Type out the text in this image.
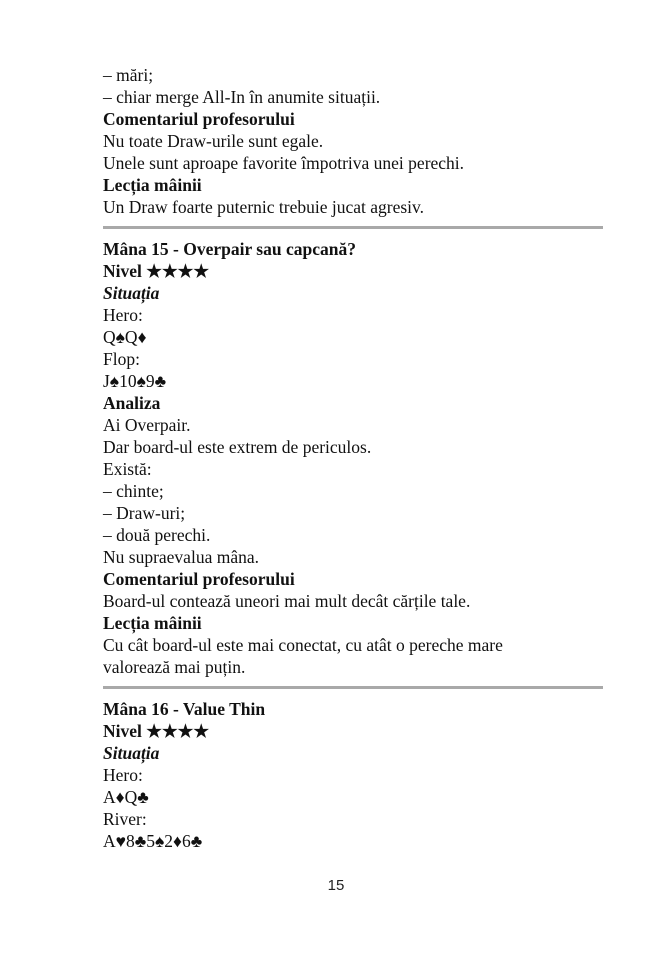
– mări;
– chiar merge All-In în anumite situații.
Comentariul profesorului
Nu toate Draw-urile sunt egale.
Unele sunt aproape favorite împotriva unei perechi.
Lecția mâinii
Un Draw foarte puternic trebuie jucat agresiv.
Mâna 15 - Overpair sau capcană?
Nivel ★★★★
Situația
Hero:
Q♠Q♦
Flop:
J♠10♠9♣
Analiza
Ai Overpair.
Dar board-ul este extrem de periculos.
Există:
– chinte;
– Draw-uri;
– două perechi.
Nu supraevalua mâna.
Comentariul profesorului
Board-ul contează uneori mai mult decât cărțile tale.
Lecția mâinii
Cu cât board-ul este mai conectat, cu atât o pereche mare
valorează mai puțin.
Mâna 16 - Value Thin
Nivel ★★★★
Situația
Hero:
A♦Q♣
River:
A♥8♣5♠2♦6♣
15
